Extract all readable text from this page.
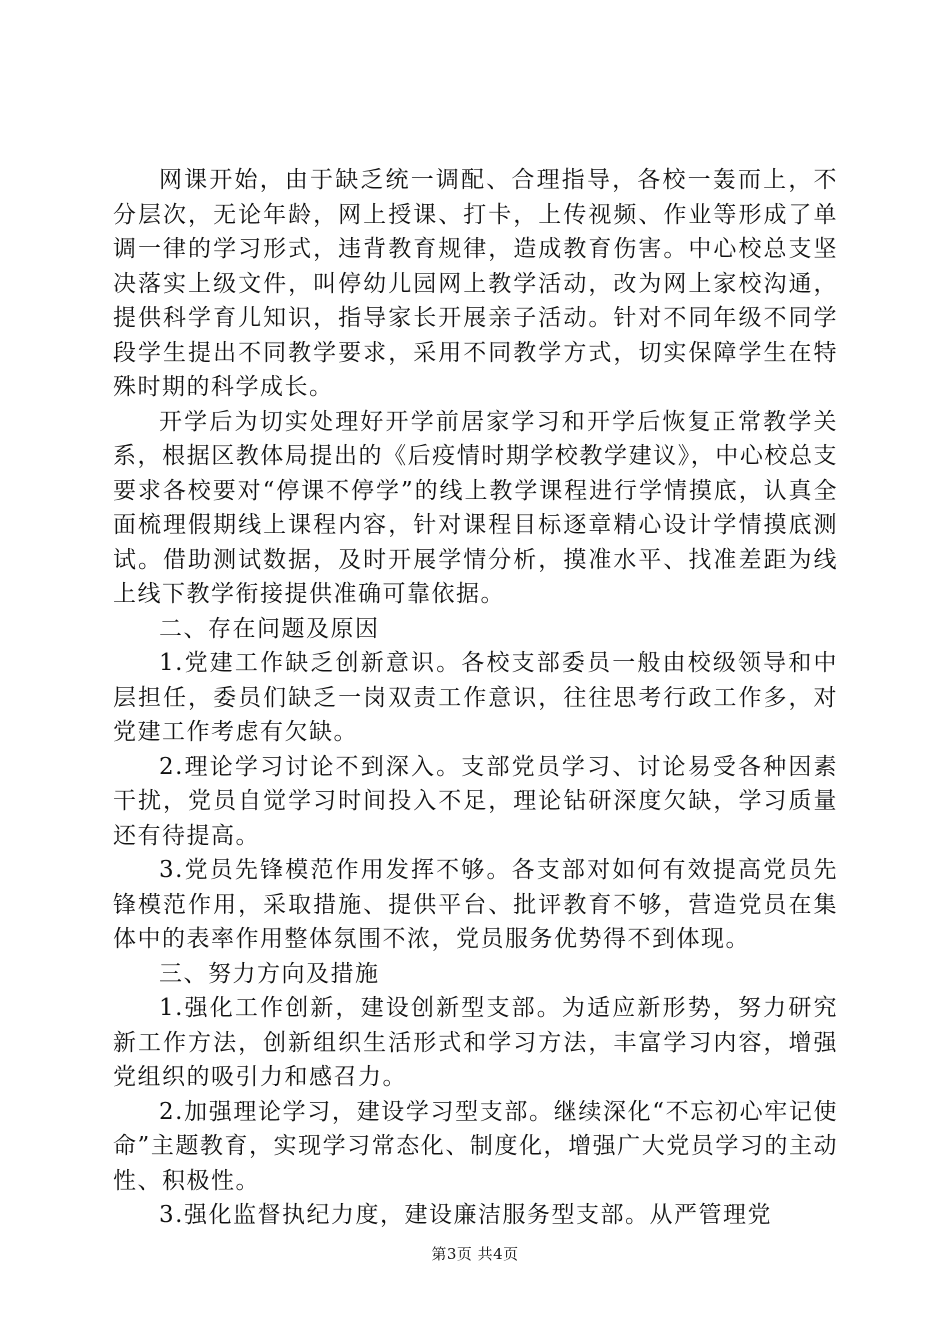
网课开始，由于缺乏统一调配、合理指导，各校一轰而上，不分层次，无论年龄，网上授课、打卡，上传视频、作业等形成了单调一律的学习形式，违背教育规律，造成教育伤害。中心校总支坚决落实上级文件，叫停幼儿园网上教学活动，改为网上家校沟通，提供科学育儿知识，指导家长开展亲子活动。针对不同年级不同学段学生提出不同教学要求，采用不同教学方式，切实保障学生在特殊时期的科学成长。

开学后为切实处理好开学前居家学习和开学后恢复正常教学关系，根据区教体局提出的《后疫情时期学校教学建议》，中心校总支要求各校要对“停课不停学”的线上教学课程进行学情摸底，认真全面梳理假期线上课程内容，针对课程目标逐章精心设计学情摸底测试。借助测试数据，及时开展学情分析，摸准水平、找准差距为线上线下教学衔接提供准确可靠依据。

二、存在问题及原因

1.党建工作缺乏创新意识。各校支部委员一般由校级领导和中层担任，委员们缺乏一岗双责工作意识，往往思考行政工作多，对党建工作考虑有欠缺。

2.理论学习讨论不到深入。支部党员学习、讨论易受各种因素干扰，党员自觉学习时间投入不足，理论钻研深度欠缺，学习质量还有待提高。

3.党员先锋模范作用发挥不够。各支部对如何有效提高党员先锋模范作用，采取措施、提供平台、批评教育不够，营造党员在集体中的表率作用整体氛围不浓，党员服务优势得不到体现。

三、努力方向及措施

1.强化工作创新，建设创新型支部。为适应新形势，努力研究新工作方法，创新组织生活形式和学习方法，丰富学习内容，增强党组织的吸引力和感召力。

2.加强理论学习，建设学习型支部。继续深化“不忘初心牢记使命”主题教育，实现学习常态化、制度化，增强广大党员学习的主动性、积极性。

3.强化监督执纪力度，建设廉洁服务型支部。从严管理党

第3页 共4页
